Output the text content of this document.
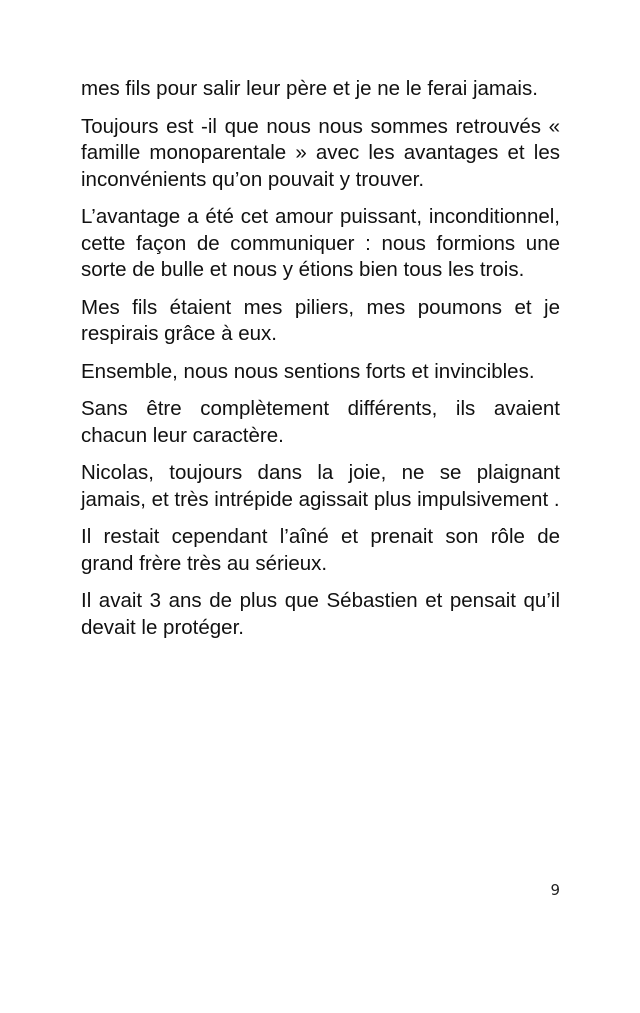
mes fils pour salir leur père et je ne le ferai jamais.

Toujours est -il que nous nous sommes retrouvés « famille monoparentale » avec les avantages et les inconvénients qu’on pouvait y trouver.

L’avantage a été cet amour puissant, inconditionnel, cette façon de communiquer : nous formions une sorte de bulle et nous y étions bien tous les trois.

Mes fils étaient mes piliers, mes poumons et je respirais grâce à eux.

Ensemble, nous nous sentions forts et invincibles.

Sans être complètement différents, ils avaient chacun leur caractère.

Nicolas, toujours dans la joie, ne se plaignant jamais, et très intrépide agissait plus impulsivement .

Il restait cependant l’aîné et prenait son rôle de grand frère très au sérieux.

Il avait 3 ans de plus que Sébastien et pensait qu’il devait le protéger.

9
